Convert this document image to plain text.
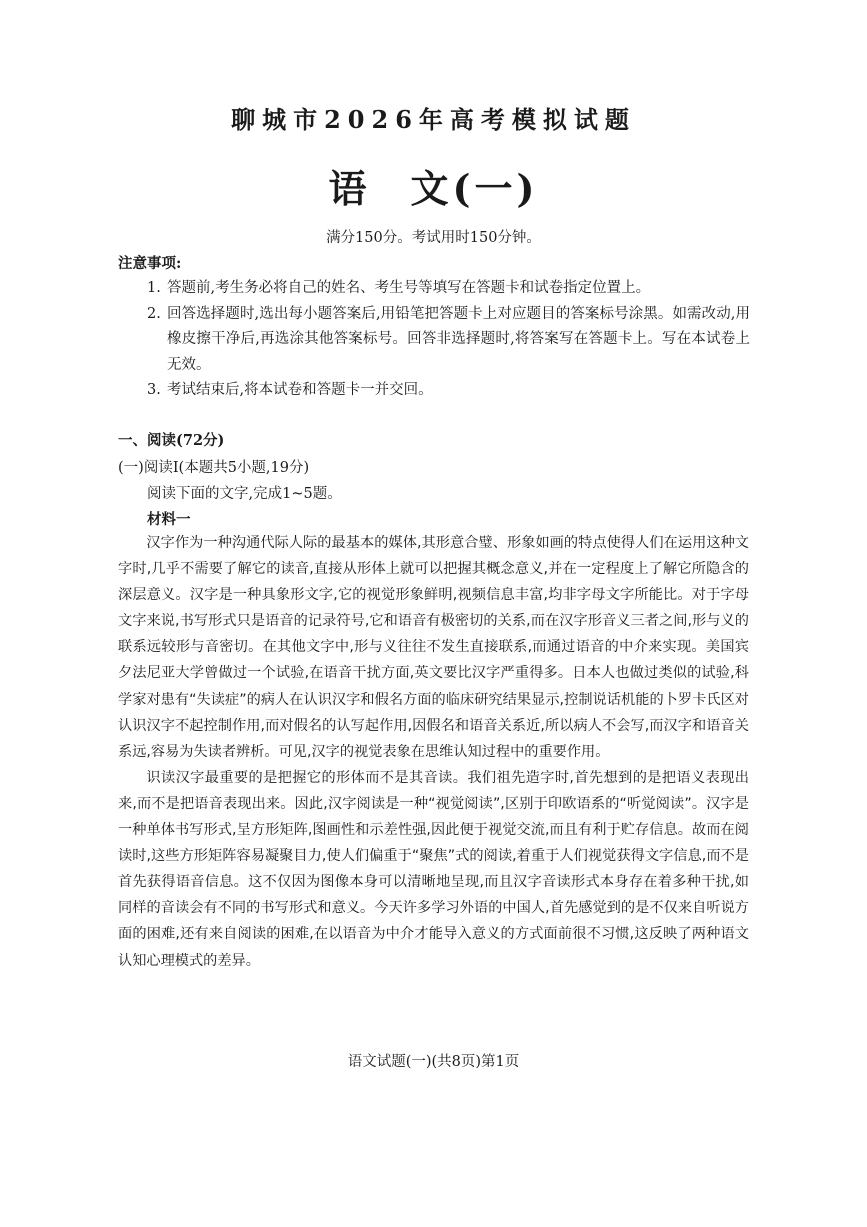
聊城市2026年高考模拟试题
语 文(一)
满分150分。考试用时150分钟。
注意事项:
1. 答题前,考生务必将自己的姓名、考生号等填写在答题卡和试卷指定位置上。
2. 回答选择题时,选出每小题答案后,用铅笔把答题卡上对应题目的答案标号涂黑。如需改动,用橡皮擦干净后,再选涂其他答案标号。回答非选择题时,将答案写在答题卡上。写在本试卷上无效。
3. 考试结束后,将本试卷和答题卡一并交回。
一、阅读(72分)
(一)阅读Ⅰ(本题共5小题,19分)
阅读下面的文字,完成1~5题。
材料一

汉字作为一种沟通代际人际的最基本的媒体,其形意合璧、形象如画的特点使得人们在运用这种文字时,几乎不需要了解它的读音,直接从形体上就可以把握其概念意义,并在一定程度上了解它所隐含的深层意义。汉字是一种具象形文字,它的视觉形象鲜明,视频信息丰富,均非字母文字所能比。对于字母文字来说,书写形式只是语音的记录符号,它和语音有极密切的关系,而在汉字形音义三者之间,形与义的联系远较形与音密切。在其他文字中,形与义往往不发生直接联系,而通过语音的中介来实现。美国宾夕法尼亚大学曾做过一个试验,在语音干扰方面,英文要比汉字严重得多。日本人也做过类似的试验,科学家对患有“失读症”的病人在认识汉字和假名方面的临床研究结果显示,控制说话机能的卜罗卡氏区对认识汉字不起控制作用,而对假名的认写起作用,因假名和语音关系近,所以病人不会写,而汉字和语音关系远,容易为失读者辨析。可见,汉字的视觉表象在思维认知过程中的重要作用。

识读汉字最重要的是把握它的形体而不是其音读。我们祖先造字时,首先想到的是把语义表现出来,而不是把语音表现出来。因此,汉字阅读是一种“视觉阅读”,区别于印欧语系的“听觉阅读”。汉字是一种单体书写形式,呈方形矩阵,图画性和示差性强,因此便于视觉交流,而且有利于贮存信息。故而在阅读时,这些方形矩阵容易凝聚目力,使人们偏重于“聚焦”式的阅读,着重于人们视觉获得文字信息,而不是首先获得语音信息。这不仅因为图像本身可以清晰地呈现,而且汉字音读形式本身存在着多种干扰,如同样的音读会有不同的书写形式和意义。今天许多学习外语的中国人,首先感觉到的是不仅来自听说方面的困难,还有来自阅读的困难,在以语音为中介才能导入意义的方式面前很不习惯,这反映了两种语文认知心理模式的差异。

语文试题(一)(共8页)第1页
